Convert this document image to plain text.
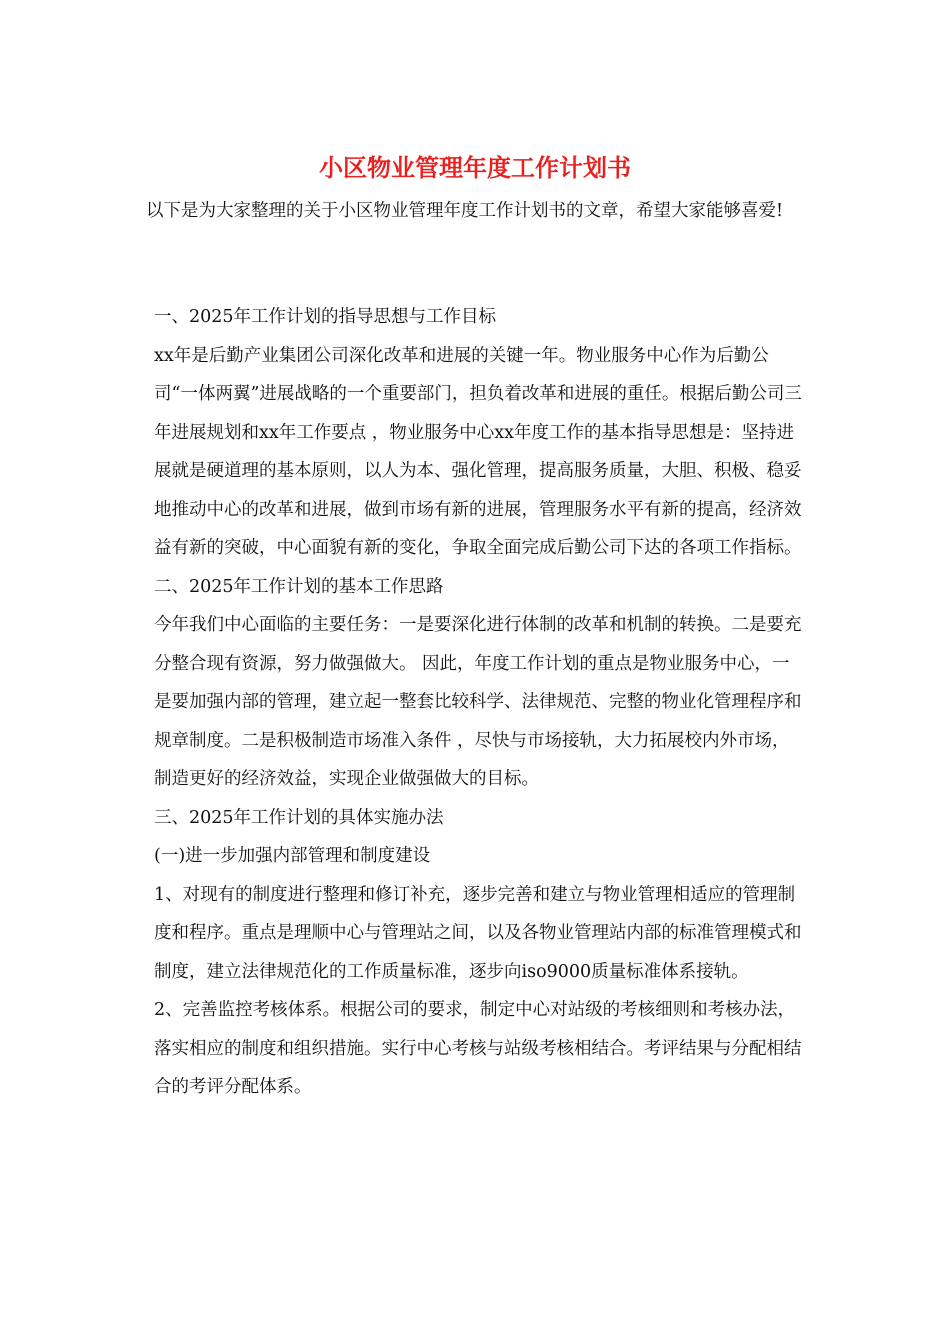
小区物业管理年度工作计划书

以下是为大家整理的关于小区物业管理年度工作计划书的文章，希望大家能够喜爱!

一、2025年工作计划的指导思想与工作目标

xx年是后勤产业集团公司深化改革和进展的关键一年。物业服务中心作为后勤公司“一体两翼”进展战略的一个重要部门，担负着改革和进展的重任。根据后勤公司三年进展规划和xx年工作要点 ，物业服务中心xx年度工作的基本指导思想是：坚持进展就是硬道理的基本原则，以人为本、强化管理，提高服务质量，大胆、积极、稳妥地推动中心的改革和进展，做到市场有新的进展，管理服务水平有新的提高，经济效益有新的突破，中心面貌有新的变化，争取全面完成后勤公司下达的各项工作指标。

二、2025年工作计划的基本工作思路

今年我们中心面临的主要任务：一是要深化进行体制的改革和机制的转换。二是要充分整合现有资源，努力做强做大。 因此，年度工作计划的重点是物业服务中心，一是要加强内部的管理，建立起一整套比较科学、法律规范、完整的物业化管理程序和规章制度。二是积极制造市场准入条件 ，尽快与市场接轨，大力拓展校内外市场，制造更好的经济效益，实现企业做强做大的目标。

三、2025年工作计划的具体实施办法

(一)进一步加强内部管理和制度建设

1、对现有的制度进行整理和修订补充，逐步完善和建立与物业管理相适应的管理制度和程序。重点是理顺中心与管理站之间，以及各物业管理站内部的标准管理模式和制度，建立法律规范化的工作质量标准，逐步向iso9000质量标准体系接轨。

2、完善监控考核体系。根据公司的要求，制定中心对站级的考核细则和考核办法，落实相应的制度和组织措施。实行中心考核与站级考核相结合。考评结果与分配相结合的考评分配体系。
